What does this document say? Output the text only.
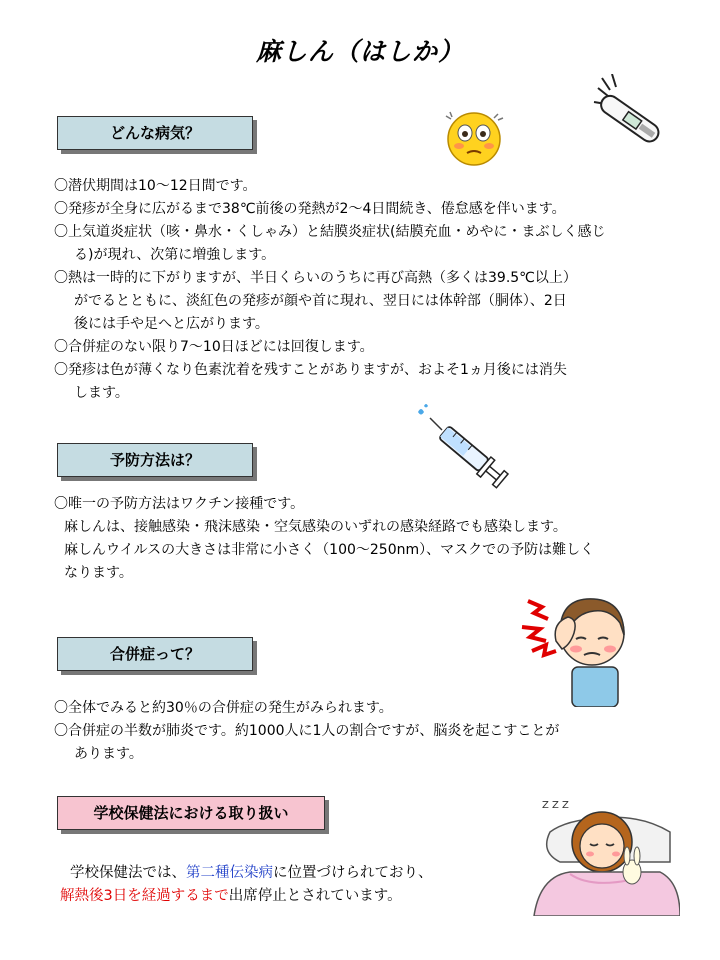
麻しん（はしか）
どんな病気？
〇潜伏期間は10～12日間です。
〇発疹が全身に広がるまで38℃前後の発熱が2～4日間続き、倦怠感を伴います。
〇上気道炎症状（咳・鼻水・くしゃみ）と結膜炎症状(結膜充血・めやに・まぶしく感じ
る)が現れ、次第に増強します。
〇熱は一時的に下がりますが、半日くらいのうちに再び高熱（多くは39.5℃以上）
がでるとともに、淡紅色の発疹が顔や首に現れ、翌日には体幹部（胴体）、2日
後には手や足へと広がります。
〇合併症のない限り7～10日ほどには回復します。
〇発疹は色が薄くなり色素沈着を残すことがありますが、およそ1ヵ月後には消失
します。
予防方法は？
〇唯一の予防方法はワクチン接種です。
麻しんは、接触感染・飛沫感染・空気感染のいずれの感染経路でも感染します。
麻しんウイルスの大きさは非常に小さく（100～250nm）、マスクでの予防は難しく
なります。
合併症って？
〇全体でみると約30％の合併症の発生がみられます。
〇合併症の半数が肺炎です。約1000人に1人の割合ですが、脳炎を起こすことが
あります。
学校保健法における取り扱い	Z Z Z
学校保健法では、第二種伝染病に位置づけられており、
解熱後3日を経過するまで出席停止とされています。
